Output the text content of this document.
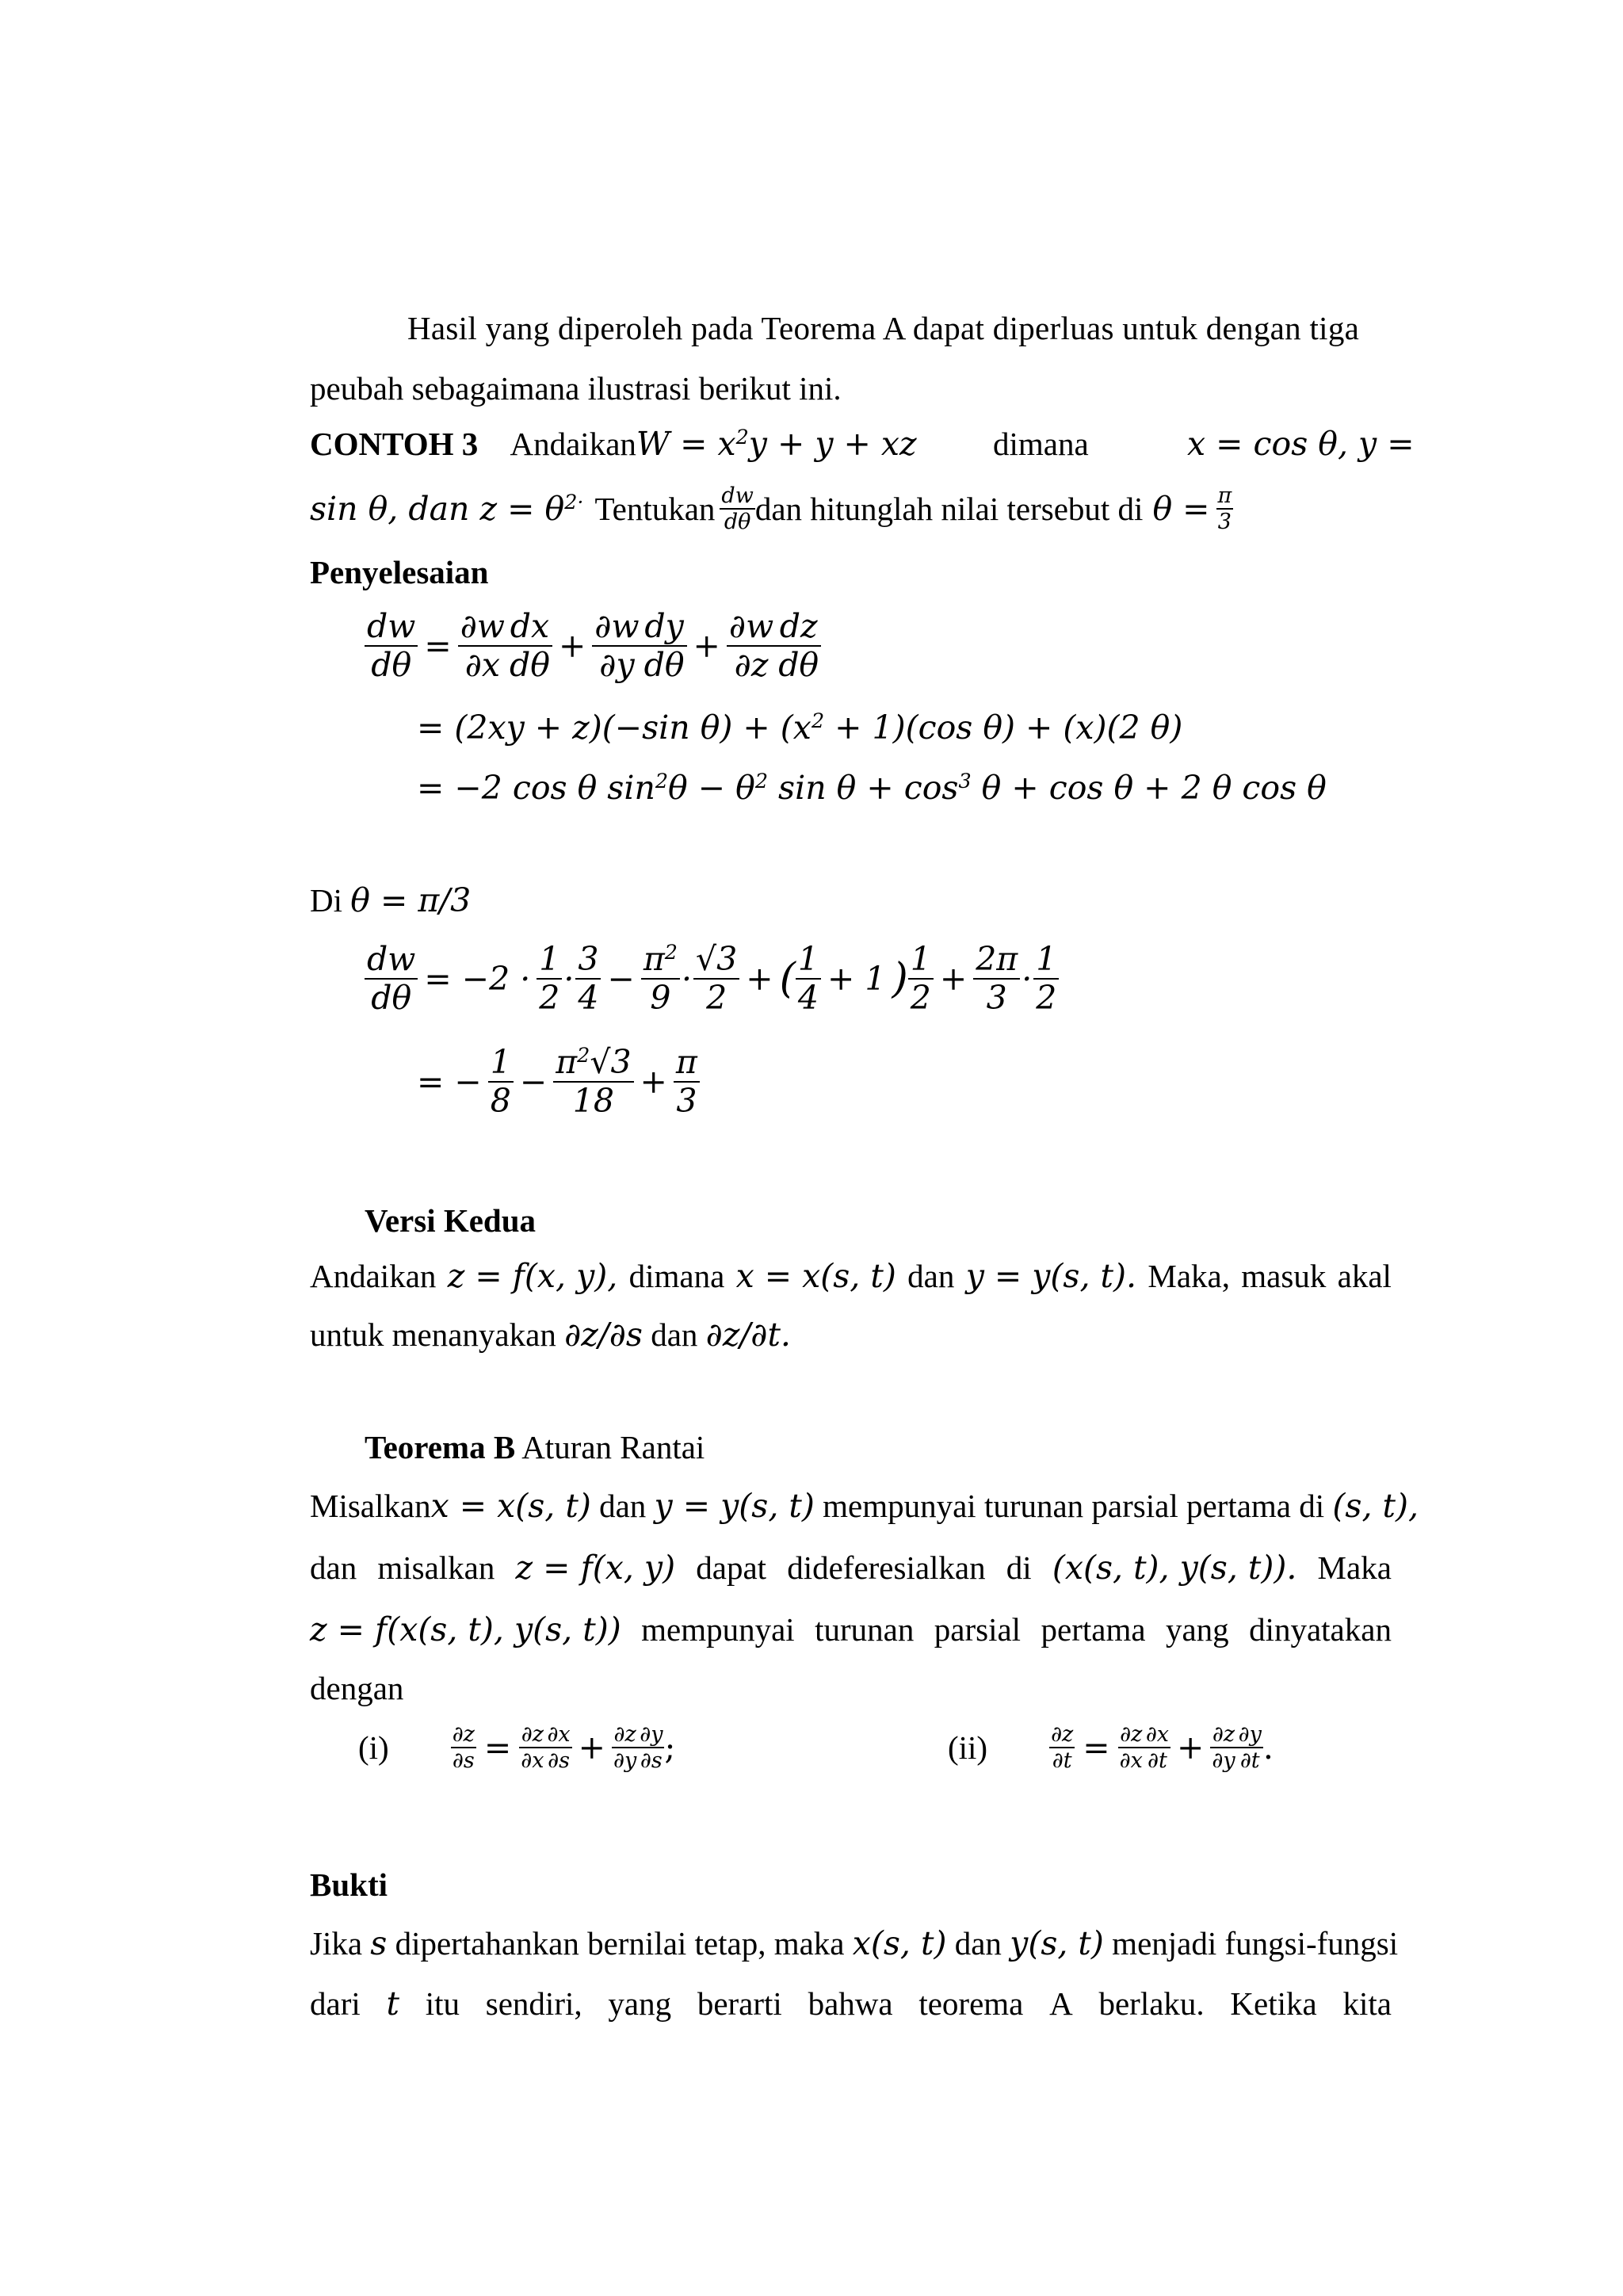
Hasil yang diperoleh pada Teorema A dapat diperluas untuk dengan tiga
peubah sebagaimana ilustrasi berikut ini.
CONTOH 3 AndaikanW = $x^2y + y$ + xz dimana	x = cos θ, y =
sin θ, dan $z = \theta^{2\cdot}$ Tentukan $\frac{dw}{d\theta}$ dan hitunglah nilai tersebut di $\theta = \frac{\pi}{3}$
Penyelesaian
$\frac{dw}{d\theta} = \frac{\partial w}{\partial x} \frac{dx}{d\theta} + \frac{\partial w}{\partial y} \frac{dy}{d\theta} + \frac{\partial w}{\partial z} \frac{dz}{d\theta}$
= (2xy + z)(−sin $\theta) + (x^2 + 1)(\cos$ θ) + (x)(2 θ)
= −2 cos θ $\sin^2\theta - \theta^2$ $\sin \theta + \cos^3 \theta + \cos \theta + 2$ θ cos θ
Di θ = π/3
$\frac{dw}{d\theta} = -2 \cdot \frac{1}{2} \cdot \frac{3}{4} - \frac{\pi^2}{9} \cdot \frac{√3}{2}$ + ( $\frac{1}{4} + 1$ ) $\frac{1}{2} + \frac{2\pi}{3} \cdot \frac{1}{2}$
= − $\frac{1}{8} - \frac{\pi^2√3}{18} + \frac{\pi}{3}$
Versi Kedua
Andaikan z = f(x, y), dimana x = x(s, t) dan y = y(s, t). Maka, masuk akal
untuk menanyakan ∂z/∂s dan ∂z/∂t.
Teorema B Aturan Rantai
Misalkanx = x(s, t) dan y = y(s, t) mempunyai turunan parsial pertama di (s, t),
dan misalkan z = f(x, y) dapat dideferesialkan di (x(s, t), y(s, t)). Maka
z = f(x(s, t), y(s, t)) mempunyai turunan parsial pertama yang dinyatakan
dengan
(i)	$\frac{\partial z}{\partial s} = \frac{\partial z}{\partial x} \frac{\partial x}{\partial s} + \frac{\partial z}{\partial y} \frac{\partial y}{\partial s}$ ;	(ii)	$\frac{\partial z}{\partial t} = \frac{\partial z}{\partial x} \frac{\partial x}{\partial t} + \frac{\partial z}{\partial y} \frac{\partial y}{\partial t}$ .
Bukti
Jika s dipertahankan bernilai tetap, maka x(s, t) dan y(s, t) menjadi fungsi-fungsi
dari t itu sendiri, yang berarti bahwa teorema A berlaku. Ketika kita
